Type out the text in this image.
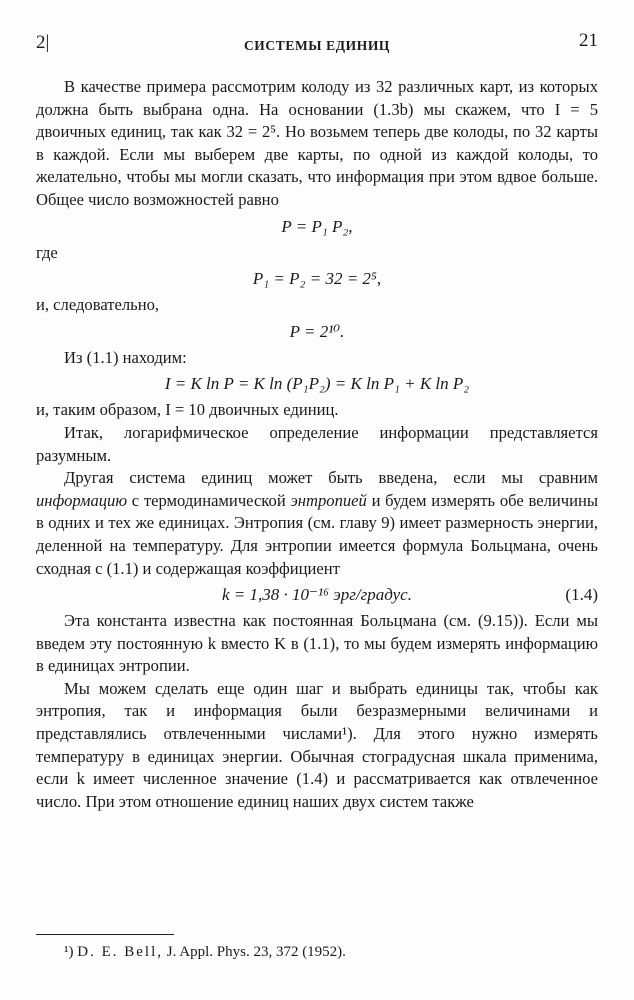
2|	СИСТЕМЫ ЕДИНИЦ	21

В качестве примера рассмотрим колоду из 32 различных карт, из которых должна быть выбрана одна. На основании (1.3b) мы скажем, что I = 5 двоичных единиц, так как 32 = 2⁵. Но возьмем теперь две колоды, по 32 карты в каждой. Если мы выберем две карты, по одной из каждой колоды, то желательно, чтобы мы могли сказать, что информация при этом вдвое больше. Общее число возможностей равно

P = P₁ P₂,

где

P₁ = P₂ = 32 = 2⁵,

и, следовательно,

P = 2¹⁰.

Из (1.1) находим:

I = K ln P = K ln (P₁P₂) = K ln P₁ + K ln P₂

и, таким образом, I = 10 двоичных единиц.

Итак, логарифмическое определение информации представляется разумным.

Другая система единиц может быть введена, если мы сравним информацию с термодинамической энтропией и будем измерять обе величины в одних и тех же единицах. Энтропия (см. главу 9) имеет размерность энергии, деленной на температуру. Для энтропии имеется формула Больцмана, очень сходная с (1.1) и содержащая коэффициент

k = 1,38 · 10⁻¹⁶ эрг/градус.	(1.4)

Эта константа известна как постоянная Больцмана (см. (9.15)). Если мы введем эту постоянную k вместо K в (1.1), то мы будем измерять информацию в единицах энтропии.

Мы можем сделать еще один шаг и выбрать единицы так, чтобы как энтропия, так и информация были безразмерными величинами и представлялись отвлеченными числами¹). Для этого нужно измерять температуру в единицах энергии. Обычная стоградусная шкала применима, если k имеет численное значение (1.4) и рассматривается как отвлеченное число. При этом отношение единиц наших двух систем также

¹) D. E. Bell, J. Appl. Phys. 23, 372 (1952).
